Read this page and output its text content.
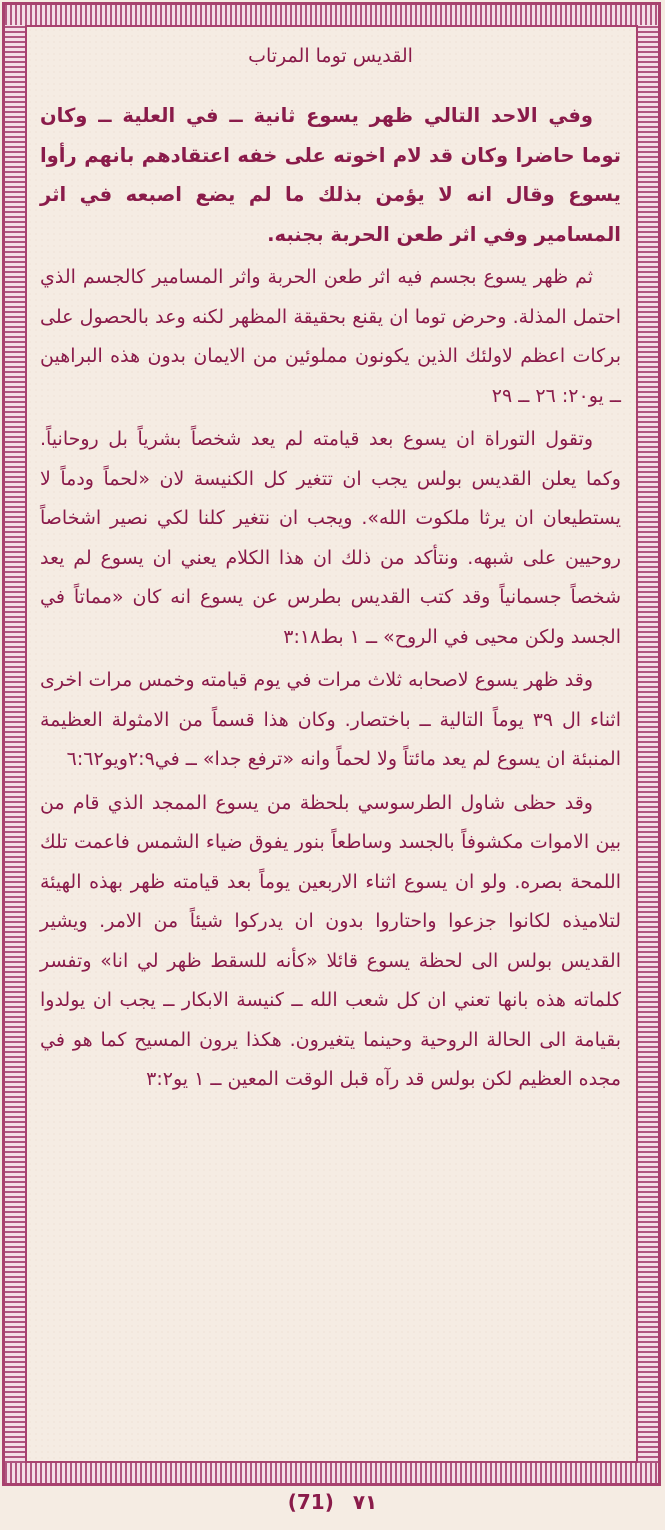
القديس توما المرتاب

وفي الاحد التالي ظهر يسوع ثانية ــ في العلية ــ وكان توما حاضرا وكان قد لام اخوته على خفه اعتقادهم بانهم رأوا يسوع وقال انه لا يؤمن بذلك ما لم يضع اصبعه في اثر المسامير وفي اثر طعن الحربة بجنبه.

ثم ظهر يسوع بجسم فيه اثر طعن الحربة واثر المسامير كالجسم الذي احتمل المذلة. وحرض توما ان يقنع بحقيقة المظهر لكنه وعد بالحصول على بركات اعظم لاولئك الذين يكونون مملوئين من الايمان بدون هذه البراهين ــ يو٢٠: ٢٦ ــ ٢٩

وتقول التوراة ان يسوع بعد قيامته لم يعد شخصاً بشرياً بل روحانياً. وكما يعلن القديس بولس يجب ان تتغير كل الكنيسة لان «لحماً ودماً لا يستطيعان ان يرثا ملكوت الله». ويجب ان نتغير كلنا لكي نصير اشخاصاً روحيين على شبهه. ونتأكد من ذلك ان هذا الكلام يعني ان يسوع لم يعد شخصاً جسمانياً وقد كتب القديس بطرس عن يسوع انه كان «مماتاً في الجسد ولكن محيى في الروح» ــ ١ بط٣:١٨

وقد ظهر يسوع لاصحابه ثلاث مرات في يوم قيامته وخمس مرات اخرى اثناء ال ٣٩ يوماً التالية ــ باختصار. وكان هذا قسماً من الامثولة العظيمة المنبئة ان يسوع لم يعد مائتاً ولا لحماً وانه «ترفع جدا» ــ في٢:٩ويو٦:٦٢

وقد حظى شاول الطرسوسي بلحظة من يسوع الممجد الذي قام من بين الاموات مكشوفاً بالجسد وساطعاً بنور يفوق ضياء الشمس فاعمت تلك اللمحة بصره. ولو ان يسوع اثناء الاربعين يوماً بعد قيامته ظهر بهذه الهيئة لتلاميذه لكانوا جزعوا واحتاروا بدون ان يدركوا شيئاً من الامر. ويشير القديس بولس الى لحظة يسوع قائلا «كأنه للسقط ظهر لي انا» وتفسر كلماته هذه بانها تعني ان كل شعب الله ــ كنيسة الابكار ــ يجب ان يولدوا بقيامة الى الحالة الروحية وحينما يتغيرون. هكذا يرون المسيح كما هو في مجده العظيم لكن بولس قد رآه قبل الوقت المعين ــ ١ يو٣:٢

(71) ٧١
